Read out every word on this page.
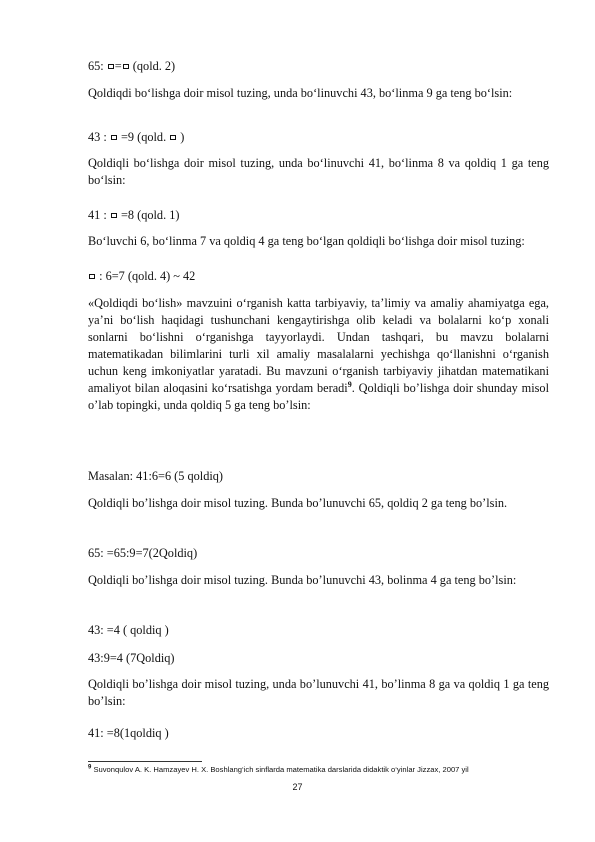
65: = (qold. 2)

Qoldiqdi bo‘lishga doir misol tuzing, unda bo‘linuvchi 43, bo‘linma 9 ga teng bo‘lsin:

43 :  =9 (qold.  )

Qoldiqli bo‘lishga doir misol tuzing, unda bo‘linuvchi 41, bo‘linma 8 va qoldiq 1 ga teng bo‘lsin:

41 :  =8 (qold. 1)

Bo‘luvchi 6, bo‘linma 7 va qoldiq 4 ga teng bo‘lgan qoldiqli bo‘lishga doir misol tuzing:

: 6=7 (qold. 4) ~ 42

«Qoldiqdi bo‘lish» mavzuini o‘rganish katta tarbiyaviy, ta’limiy va amaliy ahamiyatga ega, ya’ni bo‘lish haqidagi tushunchani kengaytirishga olib keladi va bolalarni ko‘p xonali sonlarni bo‘lishni o‘rganishga tayyorlaydi. Undan tashqari, bu mavzu bolalarni matematikadan bilimlarini turli xil amaliy masalalarni yechishga qo‘llanishni o‘rganish uchun keng imkoniyatlar yaratadi. Bu mavzuni o‘rganish tarbiyaviy jihatdan matematikani amaliyot bilan aloqasini ko‘rsatishga yordam beradi$^9$. Qoldiqli bo’lishga doir shunday misol o’lab topingki, unda qoldiq 5 ga teng bo’lsin:

Masalan: 41:6=6 (5 qoldiq)

Qoldiqli bo’lishga doir misol tuzing. Bunda bo’lunuvchi 65, qoldiq 2 ga teng bo’lsin.

65: =65:9=7(2Qoldiq)

Qoldiqli bo’lishga doir misol tuzing. Bunda bo’lunuvchi 43, bolinma 4 ga teng bo’lsin:

43: =4 ( qoldiq )

43:9=4 (7Qoldiq)

Qoldiqli bo’lishga doir misol tuzing, unda bo’lunuvchi 41, bo’linma 8 ga va qoldiq 1 ga teng bo’lsin:

41: =8(1qoldiq )

$^9$ Suvonqulov A. K. Hamzayev H. X. Boshlang‘ich sinflarda matematika darslarida didaktik o‘yinlar Jizzax, 2007 yil
27
